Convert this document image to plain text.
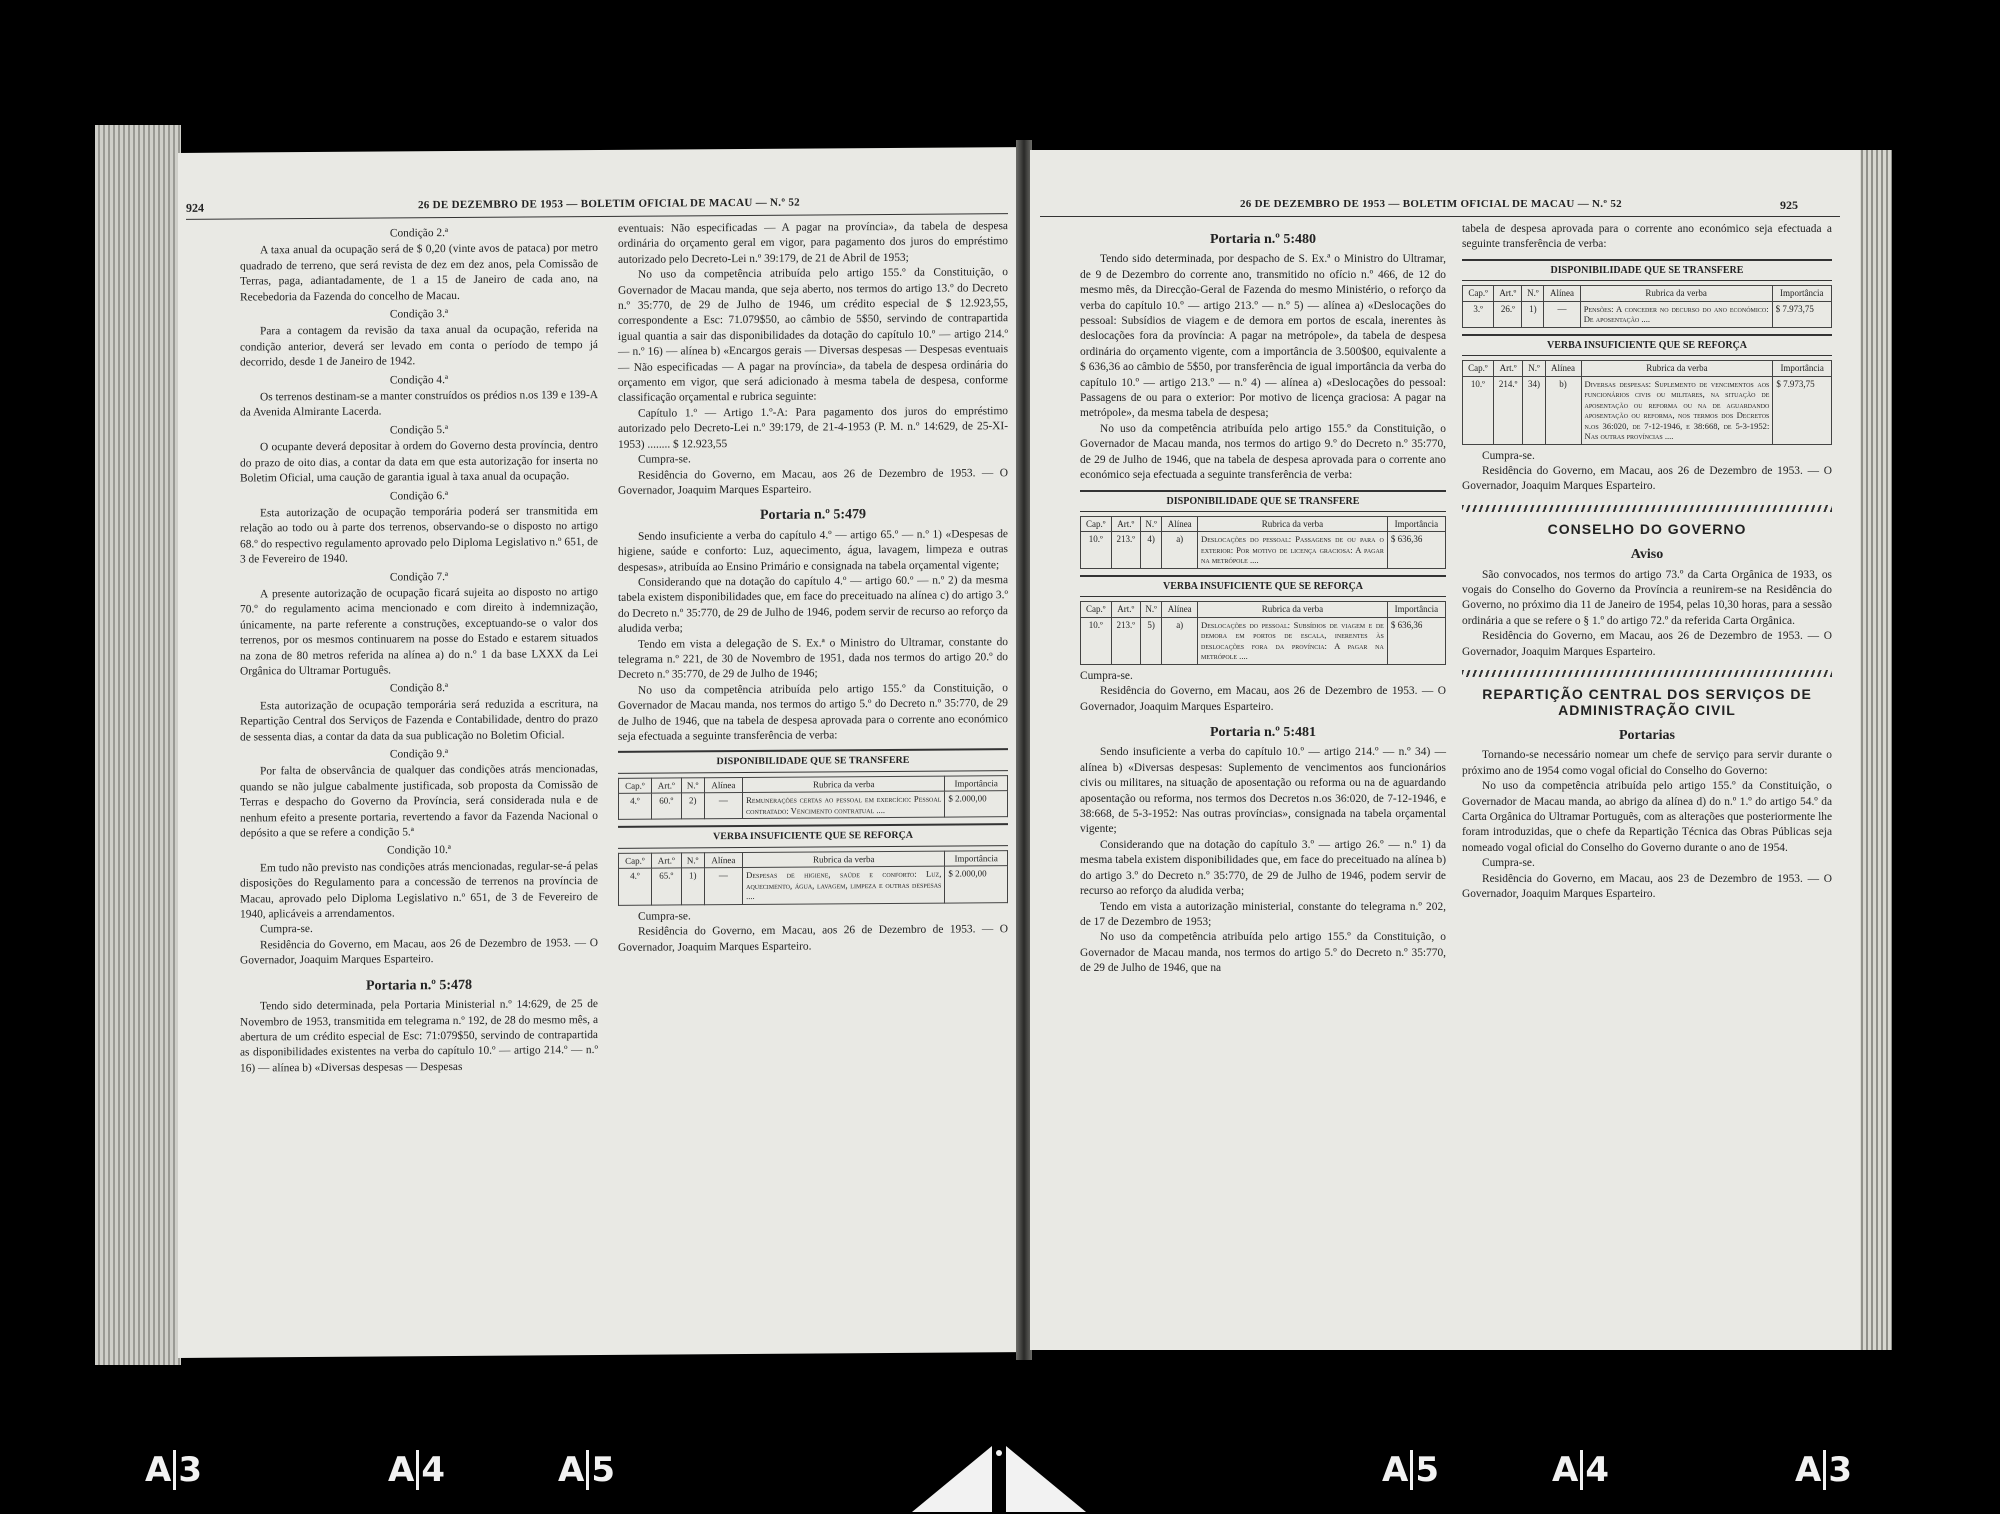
924	26 DE DEZEMBRO DE 1953 — BOLETIM OFICIAL DE MACAU — N.º 52

Condição 2.ª

A taxa anual da ocupação será de $ 0,20 (vinte avos de pataca) por metro quadrado de terreno, que será revista de dez em dez anos, pela Comissão de Terras, paga, adiantadamente, de 1 a 15 de Janeiro de cada ano, na Recebedoria da Fazenda do concelho de Macau.

Condição 3.ª

Para a contagem da revisão da taxa anual da ocupação, referida na condição anterior, deverá ser levado em conta o período de tempo já decorrido, desde 1 de Janeiro de 1942.

Condição 4.ª

Os terrenos destinam-se a manter construídos os prédios n.os 139 e 139-A da Avenida Almirante Lacerda.

Condição 5.ª

O ocupante deverá depositar à ordem do Governo desta província, dentro do prazo de oito dias, a contar da data em que esta autorização for inserta no Boletim Oficial, uma caução de garantia igual à taxa anual da ocupação.

Condição 6.ª

Esta autorização de ocupação temporária poderá ser transmitida em relação ao todo ou à parte dos terrenos, observando-se o disposto no artigo 68.º do respectivo regulamento aprovado pelo Diploma Legislativo n.º 651, de 3 de Fevereiro de 1940.

Condição 7.ª

A presente autorização de ocupação ficará sujeita ao disposto no artigo 70.º do regulamento acima mencionado e com direito à indemnização, únicamente, na parte referente a construções, exceptuando-se o valor dos terrenos, por os mesmos continuarem na posse do Estado e estarem situados na zona de 80 metros referida na alínea a) do n.º 1 da base LXXX da Lei Orgânica do Ultramar Português.

Condição 8.ª

Esta autorização de ocupação temporária será reduzida a escritura, na Repartição Central dos Serviços de Fazenda e Contabilidade, dentro do prazo de sessenta dias, a contar da data da sua publicação no Boletim Oficial.

Condição 9.ª

Por falta de observância de qualquer das condições atrás mencionadas, quando se não julgue cabalmente justificada, sob proposta da Comissão de Terras e despacho do Governo da Província, será considerada nula e de nenhum efeito a presente portaria, revertendo a favor da Fazenda Nacional o depósito a que se refere a condição 5.ª

Condição 10.ª

Em tudo não previsto nas condições atrás mencionadas, regular-se-á pelas disposições do Regulamento para a concessão de terrenos na província de Macau, aprovado pelo Diploma Legislativo n.º 651, de 3 de Fevereiro de 1940, aplicáveis a arrendamentos.

Cumpra-se.

Residência do Governo, em Macau, aos 26 de Dezembro de 1953. — O Governador, Joaquim Marques Esparteiro.

Portaria n.º 5:478

Tendo sido determinada, pela Portaria Ministerial n.º 14:629, de 25 de Novembro de 1953, transmitida em telegrama n.º 192, de 28 do mesmo mês, a abertura de um crédito especial de Esc: 71:079$50, servindo de contrapartida as disponibilidades existentes na verba do capítulo 10.º — artigo 214.º — n.º 16) — alínea b) «Diversas despesas — Despesas

eventuais: Não especificadas — A pagar na província», da tabela de despesa ordinária do orçamento geral em vigor, para pagamento dos juros do empréstimo autorizado pelo Decreto-Lei n.º 39:179, de 21 de Abril de 1953;

No uso da competência atribuída pelo artigo 155.º da Constituição, o Governador de Macau manda, que seja aberto, nos termos do artigo 13.º do Decreto n.º 35:770, de 29 de Julho de 1946, um crédito especial de $ 12.923,55, correspondente a Esc: 71.079$50, ao câmbio de 5$50, servindo de contrapartida igual quantia a sair das disponibilidades da dotação do capítulo 10.º — artigo 214.º — n.º 16) — alínea b) «Encargos gerais — Diversas despesas — Despesas eventuais — Não especificadas — A pagar na província», da tabela de despesa ordinária do orçamento em vigor, que será adicionado à mesma tabela de despesa, conforme classificação orçamental e rubrica seguinte:

Capítulo 1.º — Artigo 1.º-A: Para pagamento dos juros do empréstimo autorizado pelo Decreto-Lei n.º 39:179, de 21-4-1953 (P. M. n.º 14:629, de 25-XI-1953) ........ $ 12.923,55

Cumpra-se.

Residência do Governo, em Macau, aos 26 de Dezembro de 1953. — O Governador, Joaquim Marques Esparteiro.

Portaria n.º 5:479

Sendo insuficiente a verba do capítulo 4.º — artigo 65.º — n.º 1) «Despesas de higiene, saúde e conforto: Luz, aquecimento, água, lavagem, limpeza e outras despesas», atribuída ao Ensino Primário e consignada na tabela orçamental vigente;

Considerando que na dotação do capítulo 4.º — artigo 60.º — n.º 2) da mesma tabela existem disponibilidades que, em face do preceituado na alínea c) do artigo 3.º do Decreto n.º 35:770, de 29 de Julho de 1946, podem servir de recurso ao reforço da aludida verba;

Tendo em vista a delegação de S. Ex.ª o Ministro do Ultramar, constante do telegrama n.º 221, de 30 de Novembro de 1951, dada nos termos do artigo 20.º do Decreto n.º 35:770, de 29 de Julho de 1946;

No uso da competência atribuída pelo artigo 155.º da Constituição, o Governador de Macau manda, nos termos do artigo 5.º do Decreto n.º 35:770, de 29 de Julho de 1946, que na tabela de despesa aprovada para o corrente ano económico seja efectuada a seguinte transferência de verba:

DISPONIBILIDADE QUE SE TRANSFERE
Cap.º	Art.º	N.º	Alínea	Rubrica da verba	Importância
4.º	60.º	2)	—	Remunerações certas ao pessoal em exercício: Pessoal contratado: Vencimento contratual ....	$ 2.000,00
VERBA INSUFICIENTE QUE SE REFORÇA
Cap.º	Art.º	N.º	Alínea	Rubrica da verba	Importância
4.º	65.º	1)	—	Despesas de higiene, saúde e conforto: Luz, aquecimento, água, lavagem, limpeza e outras despesas ....	$ 2.000,00

Cumpra-se.

Residência do Governo, em Macau, aos 26 de Dezembro de 1953. — O Governador, Joaquim Marques Esparteiro.

26 DE DEZEMBRO DE 1953 — BOLETIM OFICIAL DE MACAU — N.º 52	925

Portaria n.º 5:480

Tendo sido determinada, por despacho de S. Ex.ª o Ministro do Ultramar, de 9 de Dezembro do corrente ano, transmitido no ofício n.º 466, de 12 do mesmo mês, da Direcção-Geral de Fazenda do mesmo Ministério, o reforço da verba do capítulo 10.º — artigo 213.º — n.º 5) — alínea a) «Deslocações do pessoal: Subsídios de viagem e de demora em portos de escala, inerentes às deslocações fora da província: A pagar na metrópole», da tabela de despesa ordinária do orçamento vigente, com a importância de 3.500$00, equivalente a $ 636,36 ao câmbio de 5$50, por transferência de igual importância da verba do capítulo 10.º — artigo 213.º — n.º 4) — alínea a) «Deslocações do pessoal: Passagens de ou para o exterior: Por motivo de licença graciosa: A pagar na metrópole», da mesma tabela de despesa;

No uso da competência atribuída pelo artigo 155.º da Constituição, o Governador de Macau manda, nos termos do artigo 9.º do Decreto n.º 35:770, de 29 de Julho de 1946, que na tabela de despesa aprovada para o corrente ano económico seja efectuada a seguinte transferência de verba:

DISPONIBILIDADE QUE SE TRANSFERE
Cap.º	Art.º	N.º	Alínea	Rubrica da verba	Importância
10.º	213.º	4)	a)	Deslocações do pessoal: Passagens de ou para o exterior: Por motivo de licença graciosa: A pagar na metrópole ....	$ 636,36
VERBA INSUFICIENTE QUE SE REFORÇA
Cap.º	Art.º	N.º	Alínea	Rubrica da verba	Importância
10.º	213.º	5)	a)	Deslocações do pessoal: Subsídios de viagem e de demora em portos de escala, inerentes às deslocações fora da província: A pagar na metrópole ....	$ 636,36

Cumpra-se.

Residência do Governo, em Macau, aos 26 de Dezembro de 1953. — O Governador, Joaquim Marques Esparteiro.

Portaria n.º 5:481

Sendo insuficiente a verba do capítulo 10.º — artigo 214.º — n.º 34) — alínea b) «Diversas despesas: Suplemento de vencimentos aos funcionários civis ou militares, na situação de aposentação ou reforma ou na de aguardando aposentação ou reforma, nos termos dos Decretos n.os 36:020, de 7-12-1946, e 38:668, de 5-3-1952: Nas outras províncias», consignada na tabela orçamental vigente;

Considerando que na dotação do capítulo 3.º — artigo 26.º — n.º 1) da mesma tabela existem disponibilidades que, em face do preceituado na alínea b) do artigo 3.º do Decreto n.º 35:770, de 29 de Julho de 1946, podem servir de recurso ao reforço da aludida verba;

Tendo em vista a autorização ministerial, constante do telegrama n.º 202, de 17 de Dezembro de 1953;

No uso da competência atribuída pelo artigo 155.º da Constituição, o Governador de Macau manda, nos termos do artigo 5.º do Decreto n.º 35:770, de 29 de Julho de 1946, que na

tabela de despesa aprovada para o corrente ano económico seja efectuada a seguinte transferência de verba:

DISPONIBILIDADE QUE SE TRANSFERE
Cap.º	Art.º	N.º	Alínea	Rubrica da verba	Importância
3.º	26.º	1)	—	Pensões: A conceder no decurso do ano económico: De aposentação ....	$ 7.973,75
VERBA INSUFICIENTE QUE SE REFORÇA
Cap.º	Art.º	N.º	Alínea	Rubrica da verba	Importância
10.º	214.º	34)	b)	Diversas despesas: Suplemento de vencimentos aos funcionários civis ou militares, na situação de aposentação ou reforma ou na de aguardando aposentação ou reforma, nos termos dos Decretos n.os 36:020, de 7-12-1946, e 38:668, de 5-3-1952: Nas outras províncias ....	$ 7.973,75

Cumpra-se.

Residência do Governo, em Macau, aos 26 de Dezembro de 1953. — O Governador, Joaquim Marques Esparteiro.

CONSELHO DO GOVERNO

Aviso

São convocados, nos termos do artigo 73.º da Carta Orgânica de 1933, os vogais do Conselho do Governo da Província a reunirem-se na Residência do Governo, no próximo dia 11 de Janeiro de 1954, pelas 10,30 horas, para a sessão ordinária a que se refere o § 1.º do artigo 72.º da referida Carta Orgânica.

Residência do Governo, em Macau, aos 26 de Dezembro de 1953. — O Governador, Joaquim Marques Esparteiro.

REPARTIÇÃO CENTRAL DOS SERVIÇOS DE ADMINISTRAÇÃO CIVIL

Portarias

Tornando-se necessário nomear um chefe de serviço para servir durante o próximo ano de 1954 como vogal oficial do Conselho do Governo:

No uso da competência atribuída pelo artigo 155.º da Constituição, o Governador de Macau manda, ao abrigo da alínea d) do n.º 1.º do artigo 54.º da Carta Orgânica do Ultramar Português, com as alterações que posteriormente lhe foram introduzidas, que o chefe da Repartição Técnica das Obras Públicas seja nomeado vogal oficial do Conselho do Governo durante o ano de 1954.

Cumpra-se.

Residência do Governo, em Macau, aos 23 de Dezembro de 1953. — O Governador, Joaquim Marques Esparteiro.

A 3	A 4	A 5	A 5	A 4	A 3
